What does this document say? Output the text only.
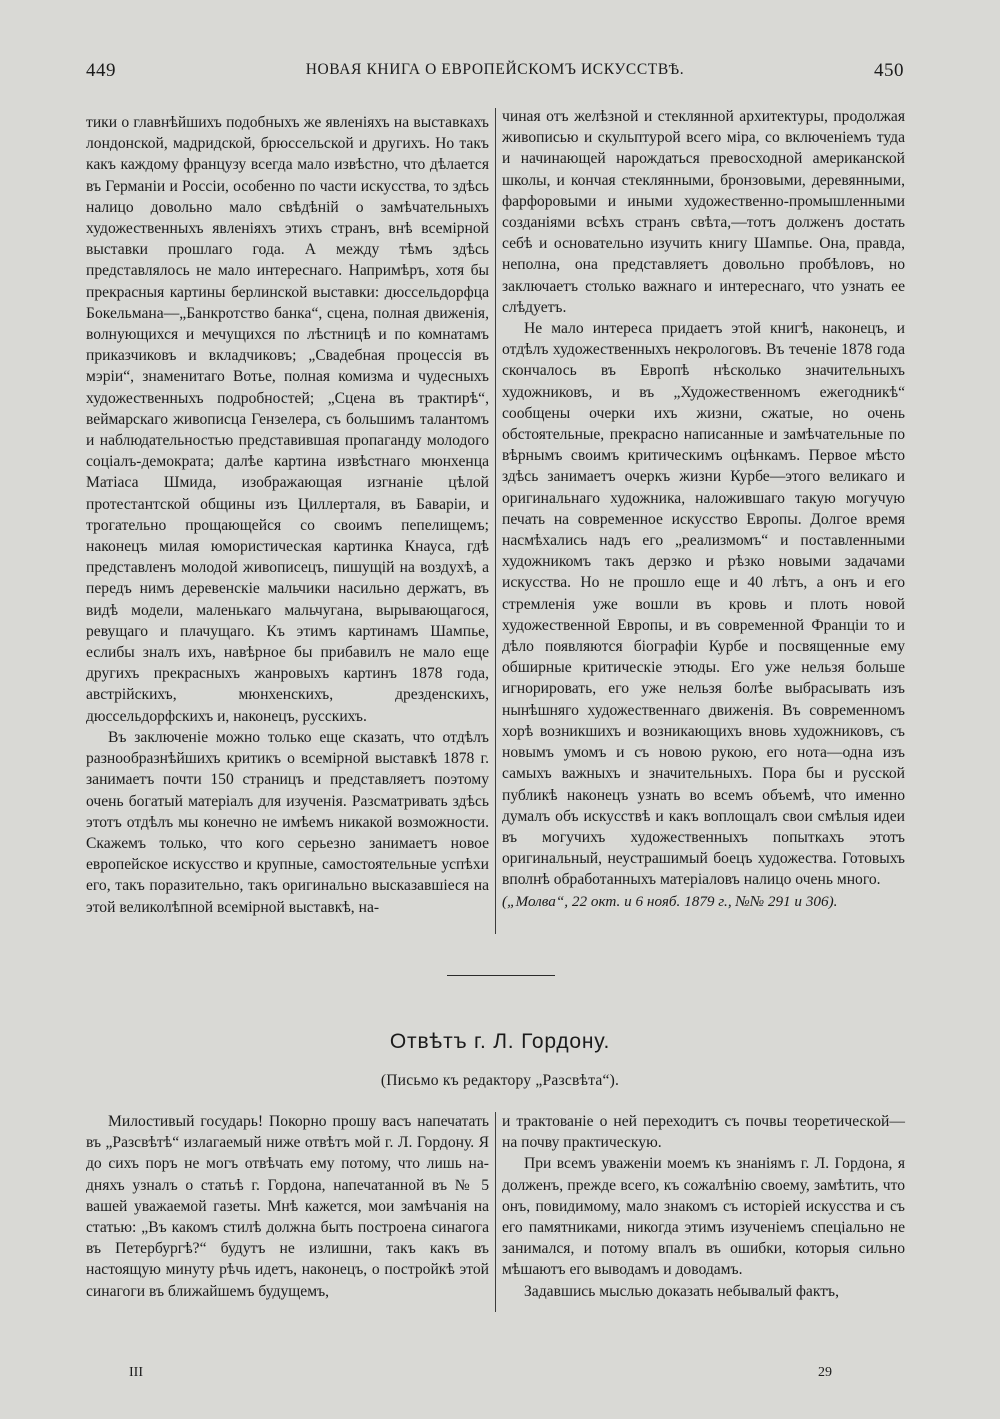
449	НОВАЯ КНИГА О ЕВРОПЕЙСКОМЪ ИСКУССТВѢ.	450

тики о главнѣйшихъ подобныхъ же явленіяхъ на выставкахъ лондонской, мадридской, брюссельской и другихъ. Но такъ какъ каждому французу всегда мало извѣстно, что дѣлается въ Германіи и Россіи, особенно по части искусства, то здѣсь налицо довольно мало свѣдѣній о замѣчательныхъ художественныхъ явленіяхъ этихъ странъ, внѣ всемірной выставки прошлаго года. А между тѣмъ здѣсь представлялось не мало интереснаго. Напримѣръ, хотя бы прекрасныя картины берлинской выставки: дюссельдорфца Бокельмана—„Банкротство банка“, сцена, полная движенія, волнующихся и мечущихся по лѣстницѣ и по комнатамъ приказчиковъ и вкладчиковъ; „Свадебная процессія въ мэріи“, знаменитаго Вотье, полная комизма и чудесныхъ художественныхъ подробностей; „Сцена въ трактирѣ“, веймарскаго живописца Гензелера, съ большимъ талантомъ и наблюдательностью представившая пропаганду молодого соціалъ-демократа; далѣе картина извѣстнаго мюнхенца Матіаса Шмида, изображающая изгнаніе цѣлой протестантской общины изъ Циллерталя, въ Баваріи, и трогательно прощающейся со своимъ пепелищемъ; наконецъ милая юмористическая картинка Кнауса, гдѣ представленъ молодой живописецъ, пишущій на воздухѣ, а передъ нимъ деревенскіе мальчики насильно держатъ, въ видѣ модели, маленькаго мальчугана, вырывающагося, ревущаго и плачущаго. Къ этимъ картинамъ Шампье, еслибы зналъ ихъ, навѣрное бы прибавилъ не мало еще другихъ прекрасныхъ жанровыхъ картинъ 1878 года, австрійскихъ, мюнхенскихъ, дрезденскихъ, дюссельдорфскихъ и, наконецъ, русскихъ.

Въ заключеніе можно только еще сказать, что отдѣлъ разнообразнѣйшихъ критикъ о всемірной выставкѣ 1878 г. занимаетъ почти 150 страницъ и представляетъ поэтому очень богатый матеріалъ для изученія. Разсматривать здѣсь этотъ отдѣлъ мы конечно не имѣемъ никакой возможности. Скажемъ только, что кого серьезно занимаетъ новое европейское искусство и крупные, самостоятельные успѣхи его, такъ поразительно, такъ оригинально высказавшіеся на этой великолѣпной всемірной выставкѣ, на-

чиная отъ желѣзной и стеклянной архитектуры, продолжая живописью и скульптурой всего міра, со включеніемъ туда и начинающей нарождаться превосходной американской школы, и кончая стеклянными, бронзовыми, деревянными, фарфоровыми и иными художественно-промышленными созданіями всѣхъ странъ свѣта,—тотъ долженъ достать себѣ и основательно изучить книгу Шампье. Она, правда, неполна, она представляетъ довольно пробѣловъ, но заключаетъ столько важнаго и интереснаго, что узнать ее слѣдуетъ.

Не мало интереса придаетъ этой книгѣ, наконецъ, и отдѣлъ художественныхъ некрологовъ. Въ теченіе 1878 года скончалось въ Европѣ нѣсколько значительныхъ художниковъ, и въ „Художественномъ ежегодникѣ“ сообщены очерки ихъ жизни, сжатые, но очень обстоятельные, прекрасно написанные и замѣчательные по вѣрнымъ своимъ критическимъ оцѣнкамъ. Первое мѣсто здѣсь занимаетъ очеркъ жизни Курбе—этого великаго и оригинальнаго художника, наложившаго такую могучую печать на современное искусство Европы. Долгое время насмѣхались надъ его „реализмомъ“ и поставленными художникомъ такъ дерзко и рѣзко новыми задачами искусства. Но не прошло еще и 40 лѣтъ, а онъ и его стремленія уже вошли въ кровь и плоть новой художественной Европы, и въ современной Франціи то и дѣло появляются біографіи Курбе и посвященные ему обширные критическіе этюды. Его уже нельзя больше игнорировать, его уже нельзя болѣе выбрасывать изъ нынѣшняго художественнаго движенія. Въ современномъ хорѣ возникшихъ и возникающихъ вновь художниковъ, съ новымъ умомъ и съ новою рукою, его нота—одна изъ самыхъ важныхъ и значительныхъ. Пора бы и русской публикѣ наконецъ узнать во всемъ объемѣ, что именно думалъ объ искусствѣ и какъ воплощалъ свои смѣлыя идеи въ могучихъ художественныхъ попыткахъ этотъ оригинальный, неустрашимый боецъ художества. Готовыхъ вполнѣ обработанныхъ матеріаловъ налицо очень много.

(„Молва“, 22 окт. и 6 нояб. 1879 г., №№ 291 и 306).

Отвѣтъ г. Л. Гордону.
(Письмо къ редактору „Разсвѣта“).

Милостивый государь! Покорно прошу васъ напечатать въ „Разсвѣтѣ“ излагаемый ниже отвѣтъ мой г. Л. Гордону. Я до сихъ поръ не могъ отвѣчать ему потому, что лишь на-дняхъ узналъ о статьѣ г. Гордона, напечатанной въ № 5 вашей уважаемой газеты. Мнѣ кажется, мои замѣчанія на статью: „Въ какомъ стилѣ должна быть построена синагога въ Петербургѣ?“ будутъ не излишни, такъ какъ въ настоящую минуту рѣчь идетъ, наконецъ, о постройкѣ этой синагоги въ ближайшемъ будущемъ,

и трактованіе о ней переходитъ съ почвы теоретической—на почву практическую.

При всемъ уваженіи моемъ къ знаніямъ г. Л. Гордона, я долженъ, прежде всего, къ сожалѣнію своему, замѣтить, что онъ, повидимому, мало знакомъ съ исторіей искусства и съ его памятниками, никогда этимъ изученіемъ спеціально не занимался, и потому впалъ въ ошибки, которыя сильно мѣшаютъ его выводамъ и доводамъ.

Задавшись мыслью доказать небывалый фактъ,

III	29
